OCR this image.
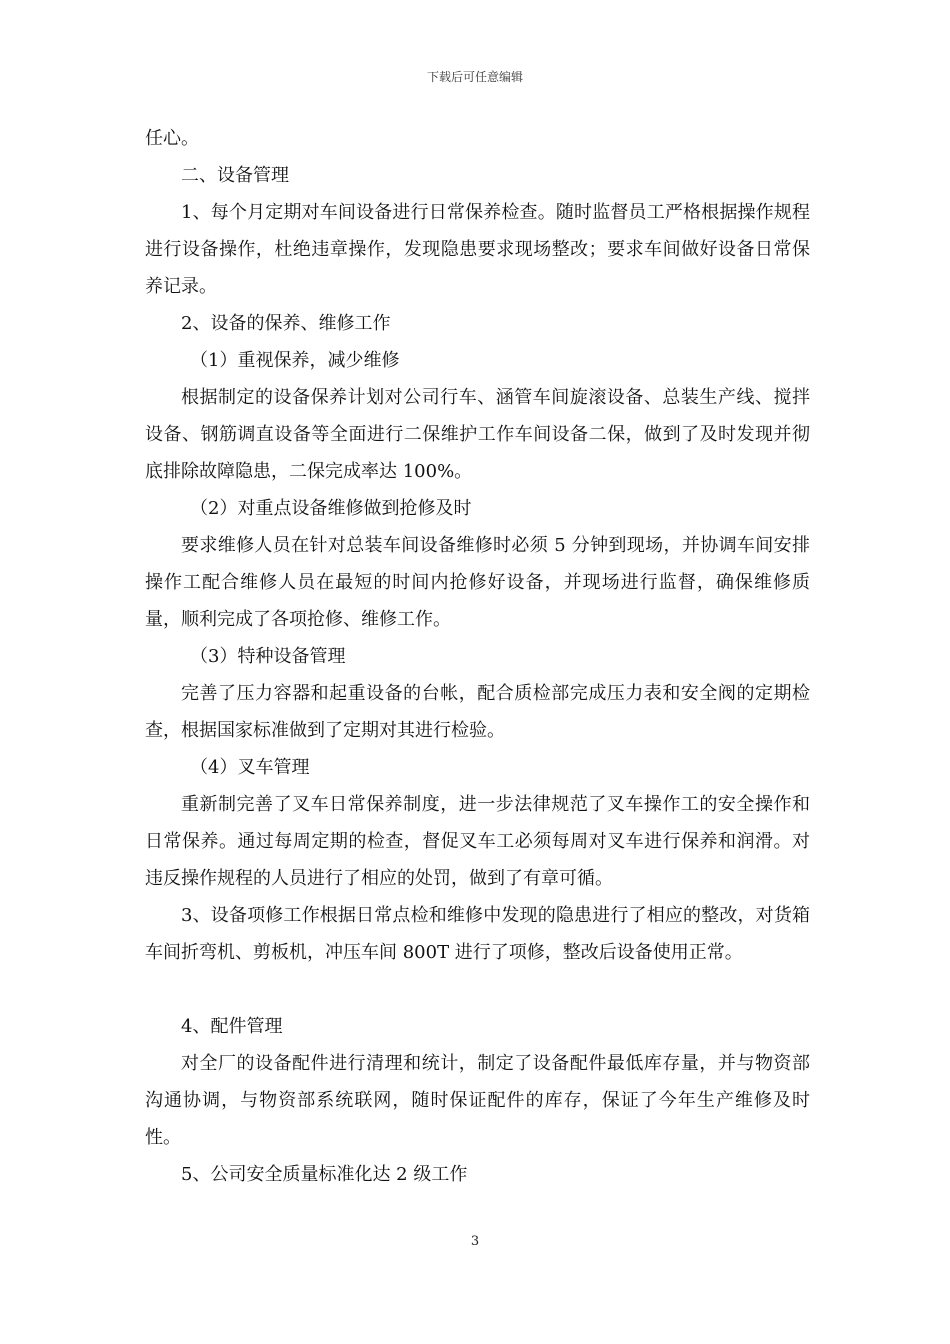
下载后可任意编辑

任心。

二、设备管理

1、每个月定期对车间设备进行日常保养检查。随时监督员工严格根据操作规程进行设备操作，杜绝违章操作，发现隐患要求现场整改；要求车间做好设备日常保养记录。

2、设备的保养、维修工作

（1）重视保养，减少维修

根据制定的设备保养计划对公司行车、涵管车间旋滚设备、总装生产线、搅拌设备、钢筋调直设备等全面进行二保维护工作车间设备二保，做到了及时发现并彻底排除故障隐患，二保完成率达 100%。

（2）对重点设备维修做到抢修及时

要求维修人员在针对总装车间设备维修时必须 5 分钟到现场，并协调车间安排操作工配合维修人员在最短的时间内抢修好设备，并现场进行监督，确保维修质量，顺利完成了各项抢修、维修工作。

（3）特种设备管理

完善了压力容器和起重设备的台帐，配合质检部完成压力表和安全阀的定期检查，根据国家标准做到了定期对其进行检验。

（4）叉车管理

重新制完善了叉车日常保养制度，进一步法律规范了叉车操作工的安全操作和日常保养。通过每周定期的检查，督促叉车工必须每周对叉车进行保养和润滑。对违反操作规程的人员进行了相应的处罚，做到了有章可循。

3、设备项修工作根据日常点检和维修中发现的隐患进行了相应的整改，对货箱车间折弯机、剪板机，冲压车间 800T 进行了项修，整改后设备使用正常。

4、配件管理

对全厂的设备配件进行清理和统计，制定了设备配件最低库存量，并与物资部沟通协调，与物资部系统联网，随时保证配件的库存，保证了今年生产维修及时性。

5、公司安全质量标准化达 2 级工作

3
